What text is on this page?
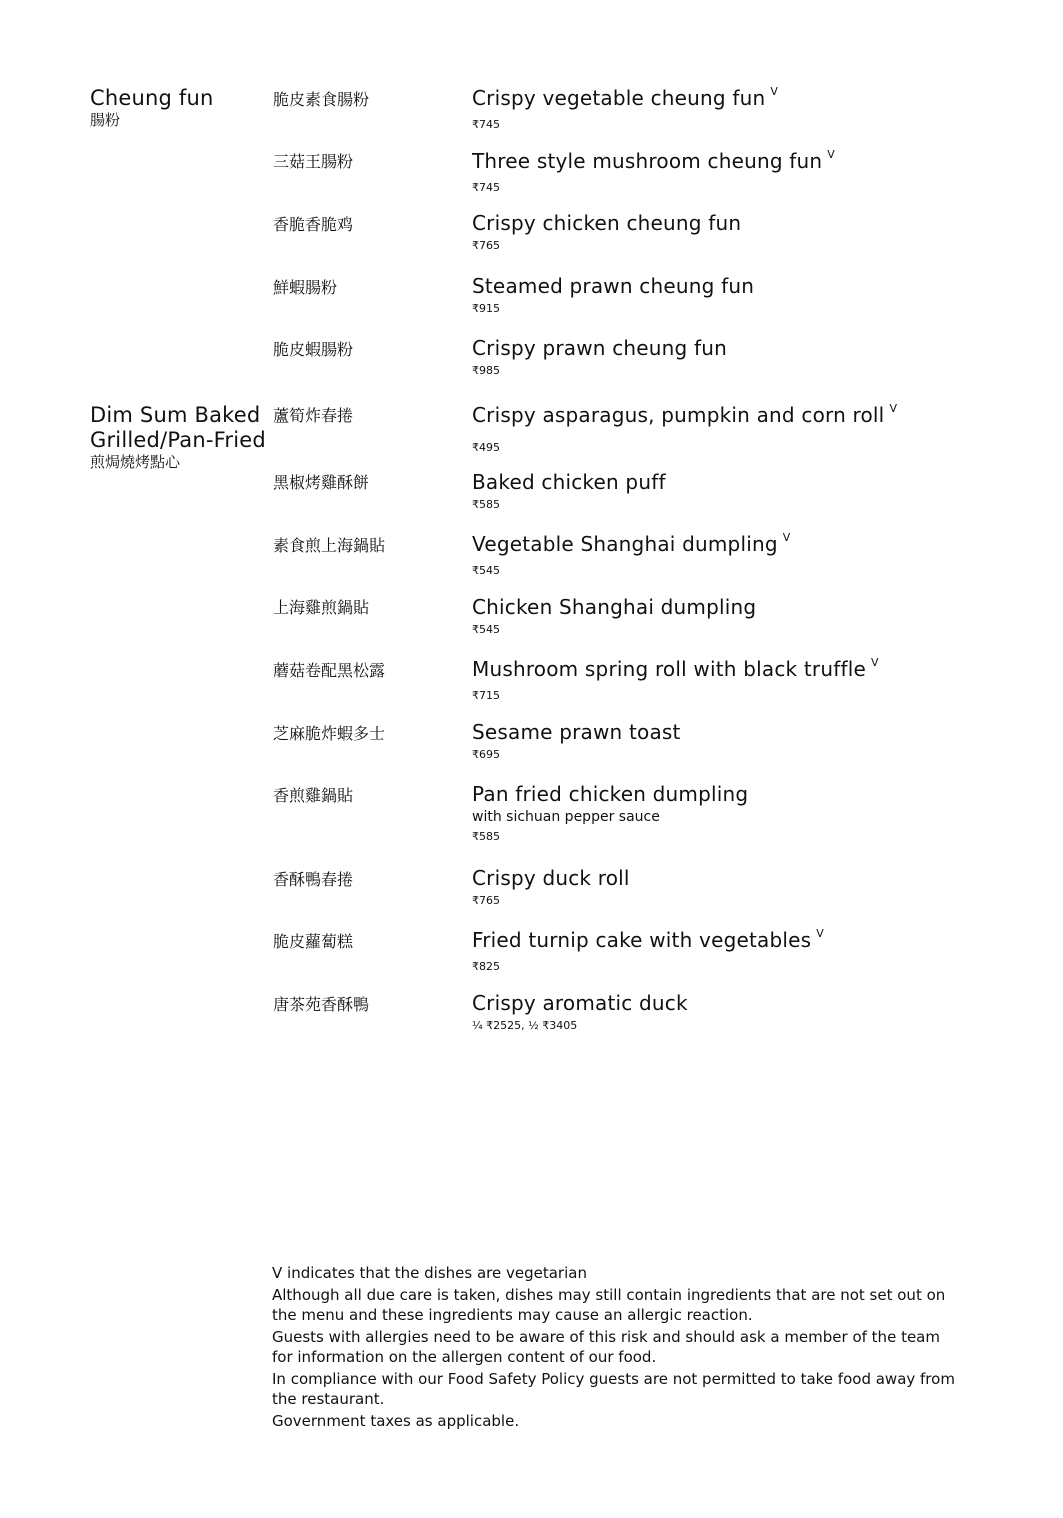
Cheung fun
腸粉
Dim Sum Baked
Grilled/Pan-Fried
煎焗燒烤點心
脆皮素食腸粉	Crispy vegetable cheung fun $^V$
₹745
三菇王腸粉	Three style mushroom cheung fun $^V$
₹745
香脆香脆鸡	Crispy chicken cheung fun
₹765
鮮蝦腸粉	Steamed prawn cheung fun
₹915
脆皮蝦腸粉	Crispy prawn cheung fun
₹985
蘆筍炸春捲	Crispy asparagus, pumpkin and corn roll $^V$
₹495
黑椒烤雞酥餅	Baked chicken puff
₹585
素食煎上海鍋貼	Vegetable Shanghai dumpling $^V$
₹545
上海雞煎鍋貼	Chicken Shanghai dumpling
₹545
蘑菇卷配黑松露	Mushroom spring roll with black truffle $^V$
₹715
芝麻脆炸蝦多士	Sesame prawn toast
₹695
香煎雞鍋貼	Pan fried chicken dumpling
with sichuan pepper sauce
₹585
香酥鴨春捲	Crispy duck roll
₹765
脆皮蘿蔔糕	Fried turnip cake with vegetables $^V$
₹825
唐茶苑香酥鴨	Crispy aromatic duck
¼ ₹2525, ½ ₹3405

V indicates that the dishes are vegetarian

Although all due care is taken, dishes may still contain ingredients that are not set out on the menu and these ingredients may cause an allergic reaction.

Guests with allergies need to be aware of this risk and should ask a member of the team for information on the allergen content of our food.

In compliance with our Food Safety Policy guests are not permitted to take food away from the restaurant.

Government taxes as applicable.
